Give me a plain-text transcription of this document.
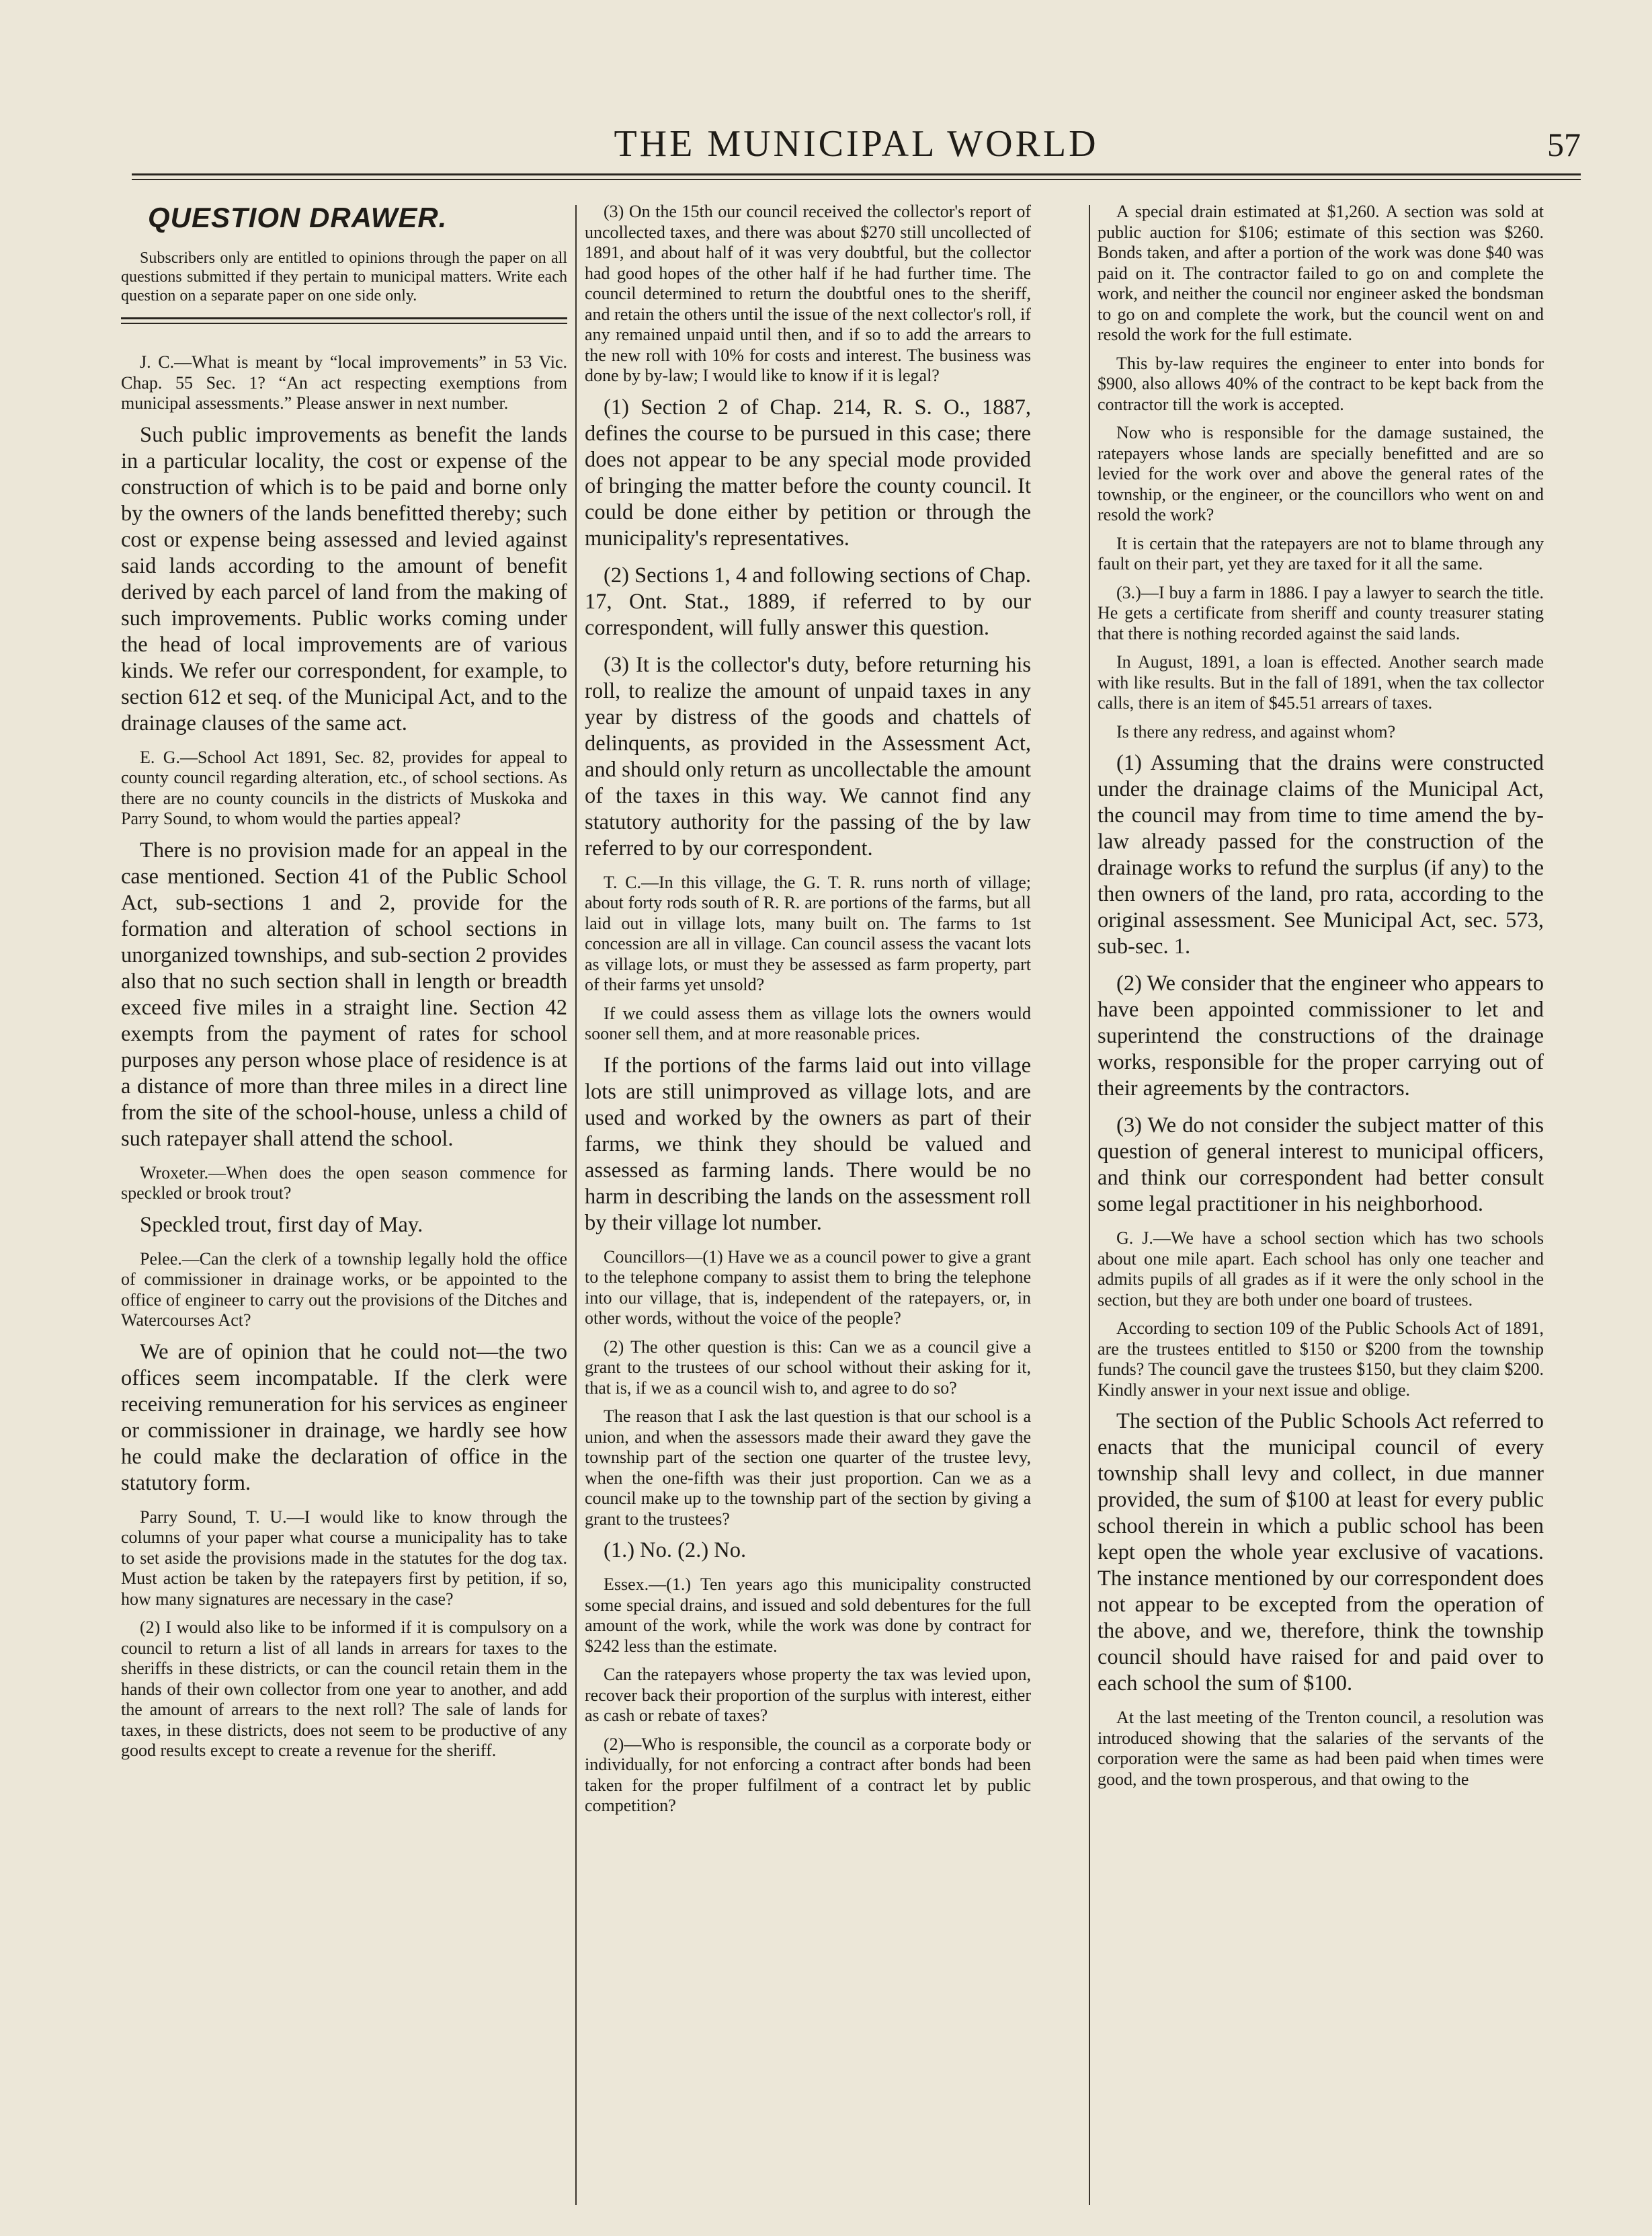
THE MUNICIPAL WORLD	57
QUESTION DRAWER.

Subscribers only are entitled to opinions through the paper on all questions submitted if they pertain to municipal matters. Write each question on a separate paper on one side only.

J. C.—What is meant by “local improvements” in 53 Vic. Chap. 55 Sec. 1? “An act respecting exemptions from municipal assessments.” Please answer in next number.

Such public improvements as benefit the lands in a particular locality, the cost or expense of the construction of which is to be paid and borne only by the owners of the lands benefitted thereby; such cost or expense being assessed and levied against said lands according to the amount of benefit derived by each parcel of land from the making of such improvements. Public works coming under the head of local improvements are of various kinds. We refer our correspondent, for example, to section 612 et seq. of the Municipal Act, and to the drainage clauses of the same act.

E. G.—School Act 1891, Sec. 82, provides for appeal to county council regarding alteration, etc., of school sections. As there are no county councils in the districts of Muskoka and Parry Sound, to whom would the parties appeal?

There is no provision made for an appeal in the case mentioned. Section 41 of the Public School Act, sub-sections 1 and 2, provide for the formation and alteration of school sections in unorganized townships, and sub-section 2 provides also that no such section shall in length or breadth exceed five miles in a straight line. Section 42 exempts from the payment of rates for school purposes any person whose place of residence is at a distance of more than three miles in a direct line from the site of the school-house, unless a child of such ratepayer shall attend the school.

Wroxeter.—When does the open season commence for speckled or brook trout?

Speckled trout, first day of May.

Pelee.—Can the clerk of a township legally hold the office of commissioner in drainage works, or be appointed to the office of engineer to carry out the provisions of the Ditches and Watercourses Act?

We are of opinion that he could not—the two offices seem incompatable. If the clerk were receiving remuneration for his services as engineer or commissioner in drainage, we hardly see how he could make the declaration of office in the statutory form.

Parry Sound, T. U.—I would like to know through the columns of your paper what course a municipality has to take to set aside the provisions made in the statutes for the dog tax. Must action be taken by the ratepayers first by petition, if so, how many signatures are necessary in the case?

(2) I would also like to be informed if it is compulsory on a council to return a list of all lands in arrears for taxes to the sheriffs in these districts, or can the council retain them in the hands of their own collector from one year to another, and add the amount of arrears to the next roll? The sale of lands for taxes, in these districts, does not seem to be productive of any good results except to create a revenue for the sheriff.

(3) On the 15th our council received the collector's report of uncollected taxes, and there was about $270 still uncollected of 1891, and about half of it was very doubtful, but the collector had good hopes of the other half if he had further time. The council determined to return the doubtful ones to the sheriff, and retain the others until the issue of the next collector's roll, if any remained unpaid until then, and if so to add the arrears to the new roll with 10% for costs and interest. The business was done by by-law; I would like to know if it is legal?

(1) Section 2 of Chap. 214, R. S. O., 1887, defines the course to be pursued in this case; there does not appear to be any special mode provided of bringing the matter before the county council. It could be done either by petition or through the municipality's representatives.

(2) Sections 1, 4 and following sections of Chap. 17, Ont. Stat., 1889, if referred to by our correspondent, will fully answer this question.

(3) It is the collector's duty, before returning his roll, to realize the amount of unpaid taxes in any year by distress of the goods and chattels of delinquents, as provided in the Assessment Act, and should only return as uncollectable the amount of the taxes in this way. We cannot find any statutory authority for the passing of the by law referred to by our correspondent.

T. C.—In this village, the G. T. R. runs north of village; about forty rods south of R. R. are portions of the farms, but all laid out in village lots, many built on. The farms to 1st concession are all in village. Can council assess the vacant lots as village lots, or must they be assessed as farm property, part of their farms yet unsold?

If we could assess them as village lots the owners would sooner sell them, and at more reasonable prices.

If the portions of the farms laid out into village lots are still unimproved as village lots, and are used and worked by the owners as part of their farms, we think they should be valued and assessed as farming lands. There would be no harm in describing the lands on the assessment roll by their village lot number.

Councillors—(1) Have we as a council power to give a grant to the telephone company to assist them to bring the telephone into our village, that is, independent of the ratepayers, or, in other words, without the voice of the people?

(2) The other question is this: Can we as a council give a grant to the trustees of our school without their asking for it, that is, if we as a council wish to, and agree to do so?

The reason that I ask the last question is that our school is a union, and when the assessors made their award they gave the township part of the section one quarter of the trustee levy, when the one-fifth was their just proportion. Can we as a council make up to the township part of the section by giving a grant to the trustees?

(1.) No. (2.) No.

Essex.—(1.) Ten years ago this municipality constructed some special drains, and issued and sold debentures for the full amount of the work, while the work was done by contract for $242 less than the estimate.

Can the ratepayers whose property the tax was levied upon, recover back their proportion of the surplus with interest, either as cash or rebate of taxes?

(2)—Who is responsible, the council as a corporate body or individually, for not enforcing a contract after bonds had been taken for the proper fulfilment of a contract let by public competition?

A special drain estimated at $1,260. A section was sold at public auction for $106; estimate of this section was $260. Bonds taken, and after a portion of the work was done $40 was paid on it. The contractor failed to go on and complete the work, and neither the council nor engineer asked the bondsman to go on and complete the work, but the council went on and resold the work for the full estimate.

This by-law requires the engineer to enter into bonds for $900, also allows 40% of the contract to be kept back from the contractor till the work is accepted.

Now who is responsible for the damage sustained, the ratepayers whose lands are specially benefitted and are so levied for the work over and above the general rates of the township, or the engineer, or the councillors who went on and resold the work?

It is certain that the ratepayers are not to blame through any fault on their part, yet they are taxed for it all the same.

(3.)—I buy a farm in 1886. I pay a lawyer to search the title. He gets a certificate from sheriff and county treasurer stating that there is nothing recorded against the said lands.

In August, 1891, a loan is effected. Another search made with like results. But in the fall of 1891, when the tax collector calls, there is an item of $45.51 arrears of taxes.

Is there any redress, and against whom?

(1) Assuming that the drains were constructed under the drainage claims of the Municipal Act, the council may from time to time amend the by-law already passed for the construction of the drainage works to refund the surplus (if any) to the then owners of the land, pro rata, according to the original assessment. See Municipal Act, sec. 573, sub-sec. 1.

(2) We consider that the engineer who appears to have been appointed commissioner to let and superintend the constructions of the drainage works, responsible for the proper carrying out of their agreements by the contractors.

(3) We do not consider the subject matter of this question of general interest to municipal officers, and think our correspondent had better consult some legal practitioner in his neighborhood.

G. J.—We have a school section which has two schools about one mile apart. Each school has only one teacher and admits pupils of all grades as if it were the only school in the section, but they are both under one board of trustees.

According to section 109 of the Public Schools Act of 1891, are the trustees entitled to $150 or $200 from the township funds? The council gave the trustees $150, but they claim $200. Kindly answer in your next issue and oblige.

The section of the Public Schools Act referred to enacts that the municipal council of every township shall levy and collect, in due manner provided, the sum of $100 at least for every public school therein in which a public school has been kept open the whole year exclusive of vacations. The instance mentioned by our correspondent does not appear to be excepted from the operation of the above, and we, therefore, think the township council should have raised for and paid over to each school the sum of $100.

At the last meeting of the Trenton council, a resolution was introduced showing that the salaries of the servants of the corporation were the same as had been paid when times were good, and the town prosperous, and that owing to the
